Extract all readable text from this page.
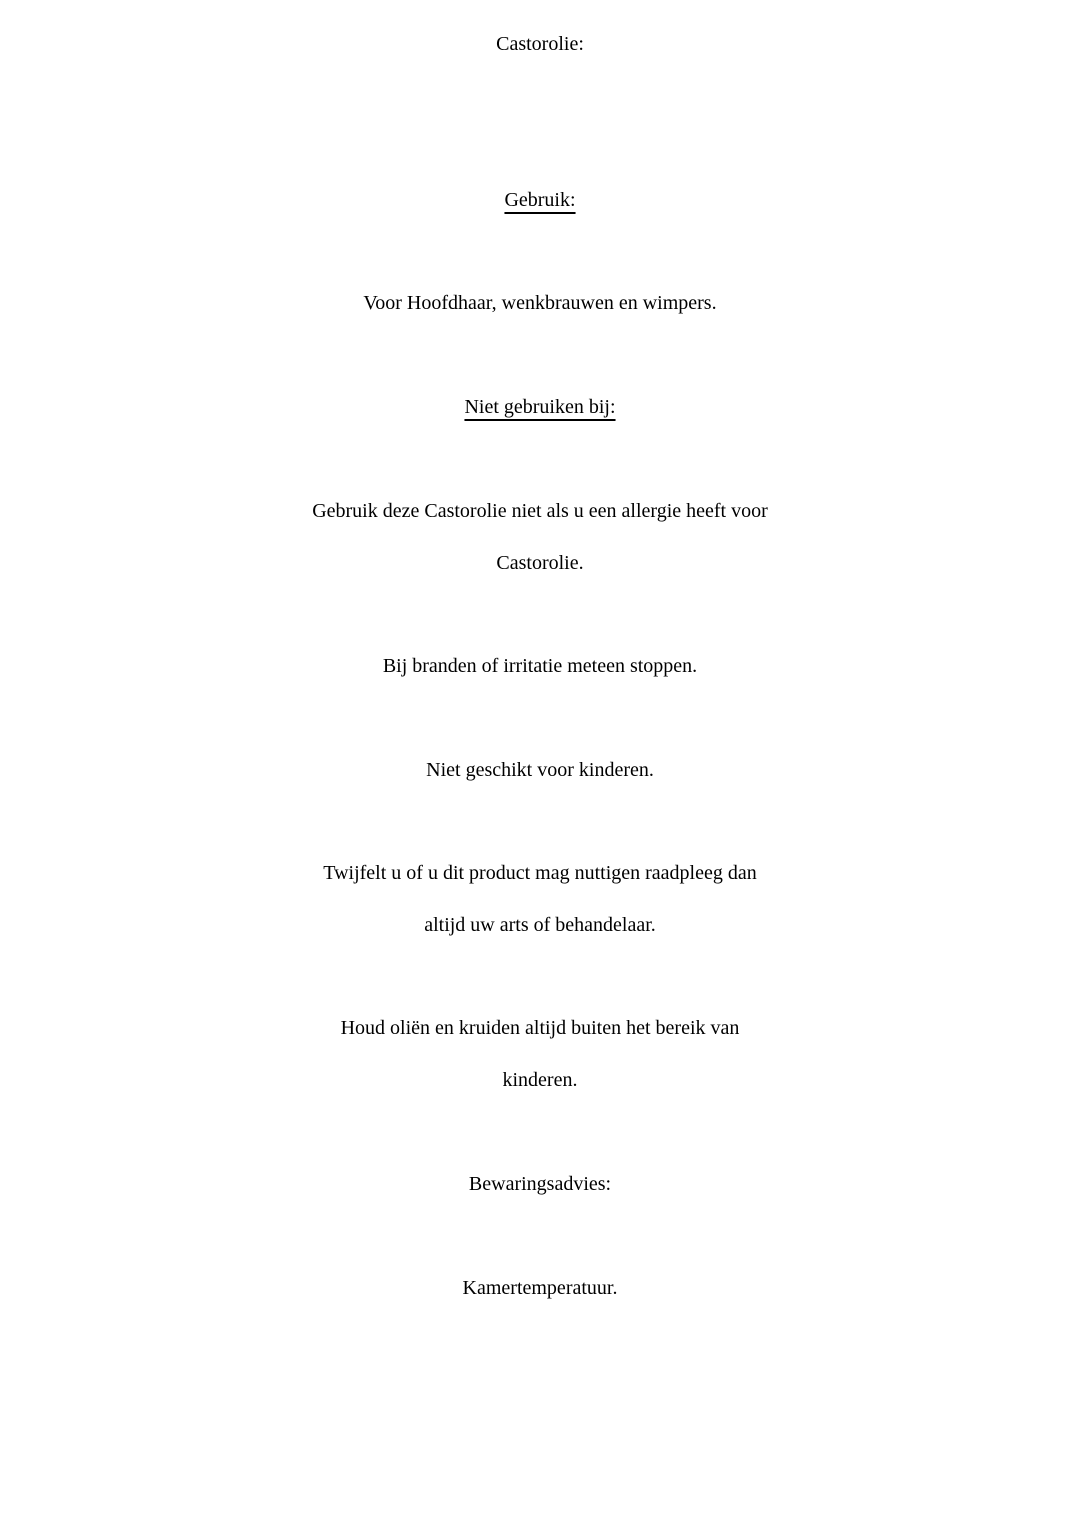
Castorolie:

Gebruik:

Voor Hoofdhaar, wenkbrauwen en wimpers.

Niet gebruiken bij:

Gebruik deze Castorolie niet als u een allergie heeft voor

Castorolie.

Bij branden of irritatie meteen stoppen.

Niet geschikt voor kinderen.

Twijfelt u of u dit product mag nuttigen raadpleeg dan

altijd uw arts of behandelaar.

Houd oliën en kruiden altijd buiten het bereik van

kinderen.

Bewaringsadvies:

Kamertemperatuur.
